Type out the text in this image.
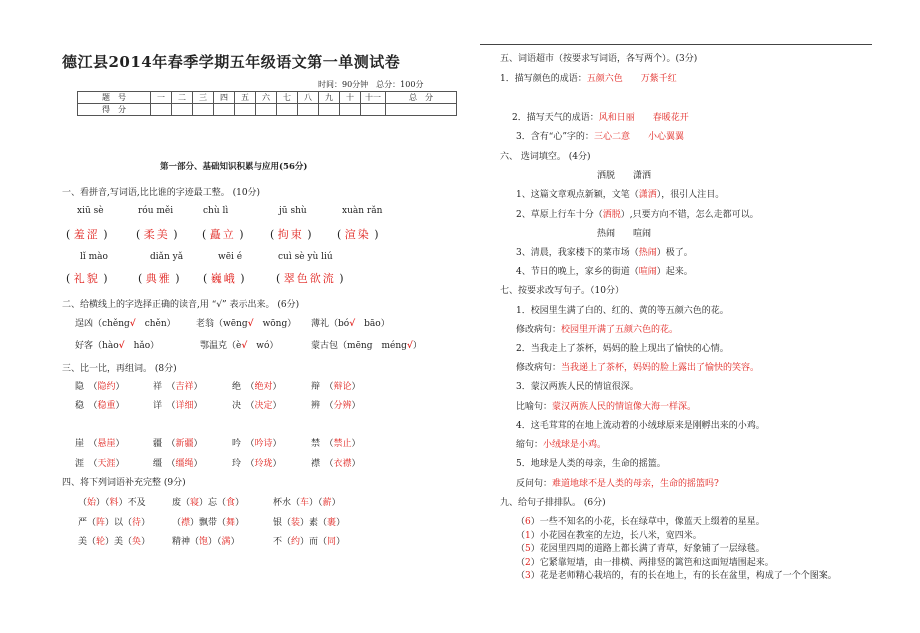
德江县2014年春季学期五年级语文第一单测试卷
时间：90分钟　总分：100分
题　号	一	二	三	四	五	六	七	八	九	十	十一	总　分
得　分												
第一部分、基础知识积累与应用(56分)
一、看拼音,写词语,比比谁的字迹最工整。 (10分)
xiū sè	róu měi	chù lì	jū shù	xuàn rǎn
( 羞涩 )	( 柔美 ) ( 矗立 ) ( 拘束 ) ( 渲染 )
lǐ mào	diǎn yǎ	wēi é	cuì sè yù liú
( 礼貌 )	( 典雅 ) ( 巍峨 )	( 翠色欲流 )
二、给横线上的字选择正确的读音,用 “√” 表示出来。 (6分)
逞凶（chěng√　 chěn） 老翁（wēng√　 wōng） 薄礼（bó√　 bāo）
好客（hào√　 hǎo）	鄂温克（è√　 wó）	蒙古包（mēng　 méng√）
三、比一比，再组词。 (8分)
隐　（隐约）	祥　（吉祥）	绝　（绝对）	辩　（辩论）
稳　（稳重）	详　（详细）	决　（决定）	辨　（分辨）
崖　（悬崖）	疆　（新疆）	吟　（吟诗）	禁　（禁止）
涯　（天涯）	缰　（缰绳）	玲　（玲珑）	襟　（衣襟）
四、将下列词语补充完整 (9分)
（始）（料）不及	废（寝）忘（食）	杯水（车）（薪）
严（阵）以（待） （襟）飘带（舞）	银（装）素（裹）
美（轮）美（奂） 精神（饱）（满）	不（约）而（同）
五、词语超市（按要求写词语，各写两个）。(3分)
1．描写颜色的成语：五颜六色　　万紫千红
2．描写天气的成语：风和日丽　　春暖花开
3．含有“心”字的：三心二意　　小心翼翼
六、 选词填空。 (4分)
洒脱　　潇洒
1、这篇文章观点新颖，文笔（潇洒），很引人注目。
2、草原上行车十分（洒脱）,只要方向不错，怎么走都可以。
热闹　　喧闹
3、清晨，我家楼下的菜市场（热闹）极了。
4、节日的晚上，家乡的街道（喧闹）起来。
七、按要求改写句子。（10分）
1．校园里生满了白的、红的、黄的等五颜六色的花。
修改病句：校园里开满了五颜六色的花。
2．当我走上了茶杯，妈妈的脸上现出了愉快的心情。
修改病句：当我递上了茶杯，妈妈的脸上露出了愉快的笑容。
3．蒙汉两族人民的情谊很深。
比喻句：蒙汉两族人民的情谊像大海一样深。
4．这毛茸茸的在地上流动着的小绒球原来是刚孵出来的小鸡。
缩句：小绒球是小鸡。
5．地球是人类的母亲，生命的摇篮。
反问句：难道地球不是人类的母亲，生命的摇篮吗?
九、给句子排排队。 (6分)
（6）一些不知名的小花，长在绿草中，像蓝天上缀着的星星。
（1）小花园在教室的左边，长八米，宽四米。
（5）花园里四周的道路上都长满了青草，好象铺了一层绿毯。
（2）它紧靠短墙，由一排横、两排竖的篱笆和这面短墙围起来。
（3）花是老师精心栽培的，有的长在地上，有的长在盆里，构成了一个个图案。
